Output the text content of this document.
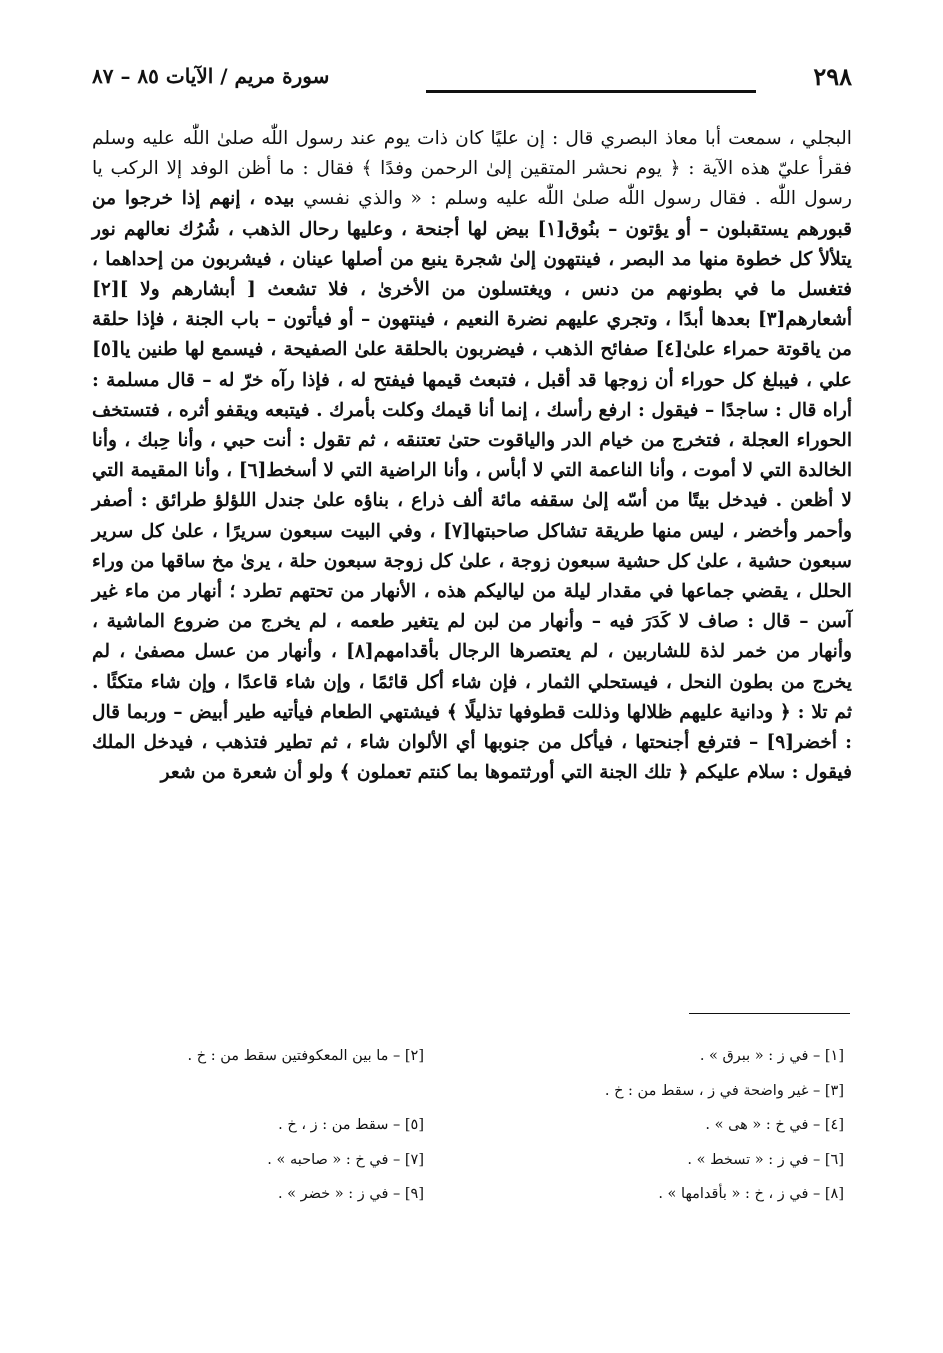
٢٩٨
سورة مريم / الآيات ٨٥ – ٨٧

البجلي ، سمعت أبا معاذ البصري قال : إن عليًا كان ذات يوم عند رسول اللّٰه صلىٰ اللّٰه عليه وسلم فقرأ عليّ هذه الآية : ﴿ يوم نحشر المتقين إلىٰ الرحمن وفدًا ﴾ فقال : ما أظن الوفد إلا الركب يا رسول اللّٰه . فقال رسول اللّٰه صلىٰ اللّٰه عليه وسلم : « والذي نفسي بيده ، إنهم إذا خرجوا من قبورهم يستقبلون – أو يؤتون – بنُوق[١] بيض لها أجنحة ، وعليها رحال الذهب ، شُرُك نعالهم نور يتلألأ كل خطوة منها مد البصر ، فينتهون إلىٰ شجرة ينبع من أصلها عينان ، فيشربون من إحداهما ، فتغسل ما في بطونهم من دنس ، ويغتسلون من الأخرىٰ ، فلا تشعث [ أبشارهم ولا ][٢] أشعارهم[٣] بعدها أبدًا ، وتجري عليهم نضرة النعيم ، فينتهون – أو فيأتون – باب الجنة ، فإذا حلقة من ياقوتة حمراء علىٰ[٤] صفائح الذهب ، فيضربون بالحلقة علىٰ الصفيحة ، فيسمع لها طنين يا[٥] علي ، فيبلغ كل حوراء أن زوجها قد أقبل ، فتبعث قيمها فيفتح له ، فإذا رآه خرّ له – قال مسلمة : أراه قال : ساجدًا – فيقول : ارفع رأسك ، إنما أنا قيمك وكلت بأمرك . فيتبعه ويقفو أثره ، فتستخف الحوراء العجلة ، فتخرج من خيام الدر والياقوت حتىٰ تعتنقه ، ثم تقول : أنت حبي ، وأنا حِبك ، وأنا الخالدة التي لا أموت ، وأنا الناعمة التي لا أبأس ، وأنا الراضية التي لا أسخط[٦] ، وأنا المقيمة التي لا أظعن . فيدخل بيتًا من أسّه إلىٰ سقفه مائة ألف ذراع ، بناؤه علىٰ جندل اللؤلؤ طرائق : أصفر وأحمر وأخضر ، ليس منها طريقة تشاكل صاحبتها[٧] ، وفي البيت سبعون سريرًا ، علىٰ كل سرير سبعون حشية ، علىٰ كل حشية سبعون زوجة ، علىٰ كل زوجة سبعون حلة ، يرىٰ مخ ساقها من وراء الحلل ، يقضي جماعها في مقدار ليلة من لياليكم هذه ، الأنهار من تحتهم تطرد ؛ أنهار من ماء غير آسن – قال : صاف لا كَدَرَ فيه – وأنهار من لبن لم يتغير طعمه ، لم يخرج من ضروع الماشية ، وأنهار من خمر لذة للشاربين ، لم يعتصرها الرجال بأقدامهم[٨] ، وأنهار من عسل مصفىٰ ، لم يخرج من بطون النحل ، فيستحلي الثمار ، فإن شاء أكل قائمًا ، وإن شاء قاعدًا ، وإن شاء متكئًا . ثم تلا : ﴿ ودانية عليهم ظلالها وذللت قطوفها تذليلًا ﴾ فيشتهي الطعام فيأتيه طير أبيض – وربما قال : أخضر[٩] – فترفع أجنحتها ، فيأكل من جنوبها أي الألوان شاء ، ثم تطير فتذهب ، فيدخل الملك فيقول : سلام عليكم ﴿ تلك الجنة التي أورثتموها بما كنتم تعملون ﴾ ولو أن شعرة من شعر

[١] – في ز : « ببرق » .
[٢] – ما بين المعكوفتين سقط من : خ .
[٣] – غير واضحة في ز ، سقط من : خ .
[٤] – في خ : « هى » .
[٥] – سقط من : ز ، خ .
[٦] – في ز : « تسخط » .
[٧] – في خ : « صاحبه » .
[٨] – في ز ، خ : « بأقدامها » .
[٩] – في ز : « خضر » .
